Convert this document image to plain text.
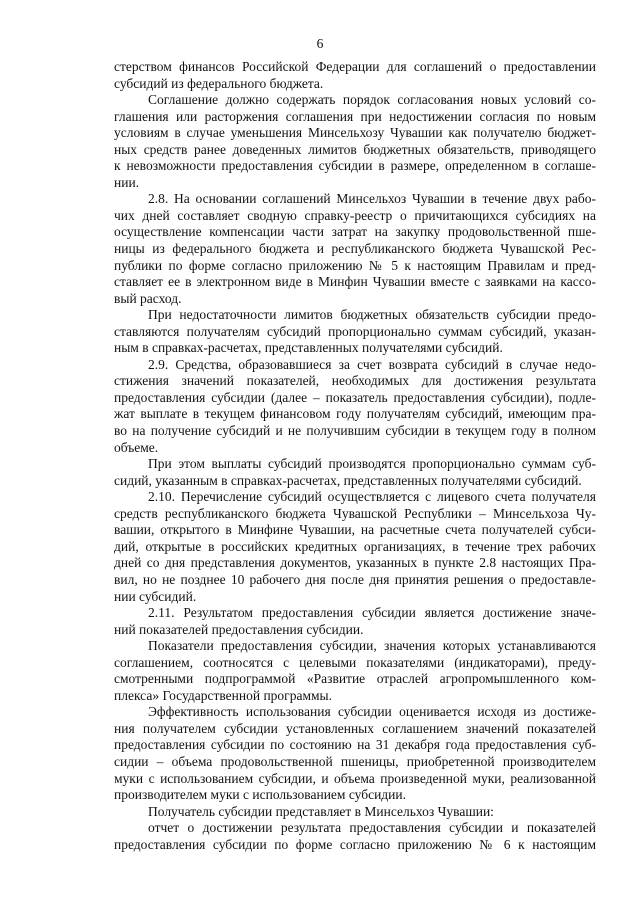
6
стерством финансов Российской Федерации для соглашений о предоставлении
субсидий из федерального бюджета.
Соглашение должно содержать порядок согласования новых условий со-
глашения или расторжения соглашения при недостижении согласия по новым
условиям в случае уменьшения Минсельхозу Чувашии как получателю бюджет-
ных средств ранее доведенных лимитов бюджетных обязательств, приводящего
к невозможности предоставления субсидии в размере, определенном в соглаше-
нии.
2.8. На основании соглашений Минсельхоз Чувашии в течение двух рабо-
чих дней составляет сводную справку-реестр о причитающихся субсидиях на
осуществление компенсации части затрат на закупку продовольственной пше-
ницы из федерального бюджета и республиканского бюджета Чувашской Рес-
публики по форме согласно приложению № 5 к настоящим Правилам и пред-
ставляет ее в электронном виде в Минфин Чувашии вместе с заявками на кассо-
вый расход.
При недостаточности лимитов бюджетных обязательств субсидии предо-
ставляются получателям субсидий пропорционально суммам субсидий, указан-
ным в справках-расчетах, представленных получателями субсидий.
2.9. Средства, образовавшиеся за счет возврата субсидий в случае недо-
стижения значений показателей, необходимых для достижения результата
предоставления субсидии (далее – показатель предоставления субсидии), подле-
жат выплате в текущем финансовом году получателям субсидий, имеющим пра-
во на получение субсидий и не получившим субсидии в текущем году в полном
объеме.
При этом выплаты субсидий производятся пропорционально суммам суб-
сидий, указанным в справках-расчетах, представленных получателями субсидий.
2.10. Перечисление субсидий осуществляется с лицевого счета получателя
средств республиканского бюджета Чувашской Республики – Минсельхоза Чу-
вашии, открытого в Минфине Чувашии, на расчетные счета получателей субси-
дий, открытые в российских кредитных организациях, в течение трех рабочих
дней со дня представления документов, указанных в пункте 2.8 настоящих Пра-
вил, но не позднее 10 рабочего дня после дня принятия решения о предоставле-
нии субсидий.
2.11. Результатом предоставления субсидии является достижение значе-
ний показателей предоставления субсидии.
Показатели предоставления субсидии, значения которых устанавливаются
соглашением, соотносятся с целевыми показателями (индикаторами), преду-
смотренными подпрограммой «Развитие отраслей агропромышленного ком-
плекса» Государственной программы.
Эффективность использования субсидии оценивается исходя из достиже-
ния получателем субсидии установленных соглашением значений показателей
предоставления субсидии по состоянию на 31 декабря года предоставления суб-
сидии – объема продовольственной пшеницы, приобретенной производителем
муки с использованием субсидии, и объема произведенной муки, реализованной
производителем муки с использованием субсидии.
Получатель субсидии представляет в Минсельхоз Чувашии:
отчет о достижении результата предоставления субсидии и показателей
предоставления субсидии по форме согласно приложению № 6 к настоящим
